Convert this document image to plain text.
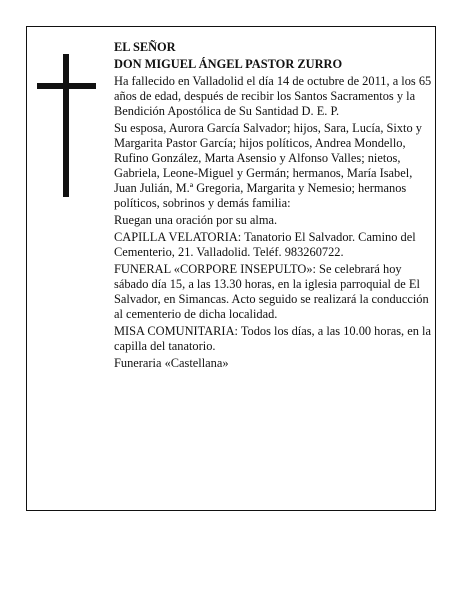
EL SEÑOR

DON MIGUEL ÁNGEL PASTOR ZURRO

Ha fallecido en Valladolid el día 14 de octubre de 2011, a los 65 años de edad, después de recibir los Santos Sacramentos y la Bendición Apostólica de Su Santidad D. E. P.

Su esposa, Aurora García Salvador; hijos, Sara, Lucía, Sixto y Margarita Pastor García; hijos políticos, Andrea Mondello, Rufino González, Marta Asensio y Alfonso Valles; nietos, Gabriela, Leone-Miguel y Germán; hermanos, María Isabel, Juan Julián, M.ª Gregoria, Margarita y Nemesio; hermanos políticos, sobrinos y demás familia:

Ruegan una oración por su alma.

CAPILLA VELATORIA: Tanatorio El Salvador. Camino del Cementerio, 21. Valladolid. Teléf. 983260722.

FUNERAL «CORPORE INSEPULTO»: Se celebrará hoy sábado día 15, a las 13.30 horas, en la iglesia parroquial de El Salvador, en Simancas. Acto seguido se realizará la conducción al cementerio de dicha localidad.

MISA COMUNITARIA: Todos los días, a las 10.00 horas, en la capilla del tanatorio.

Funeraria «Castellana»
